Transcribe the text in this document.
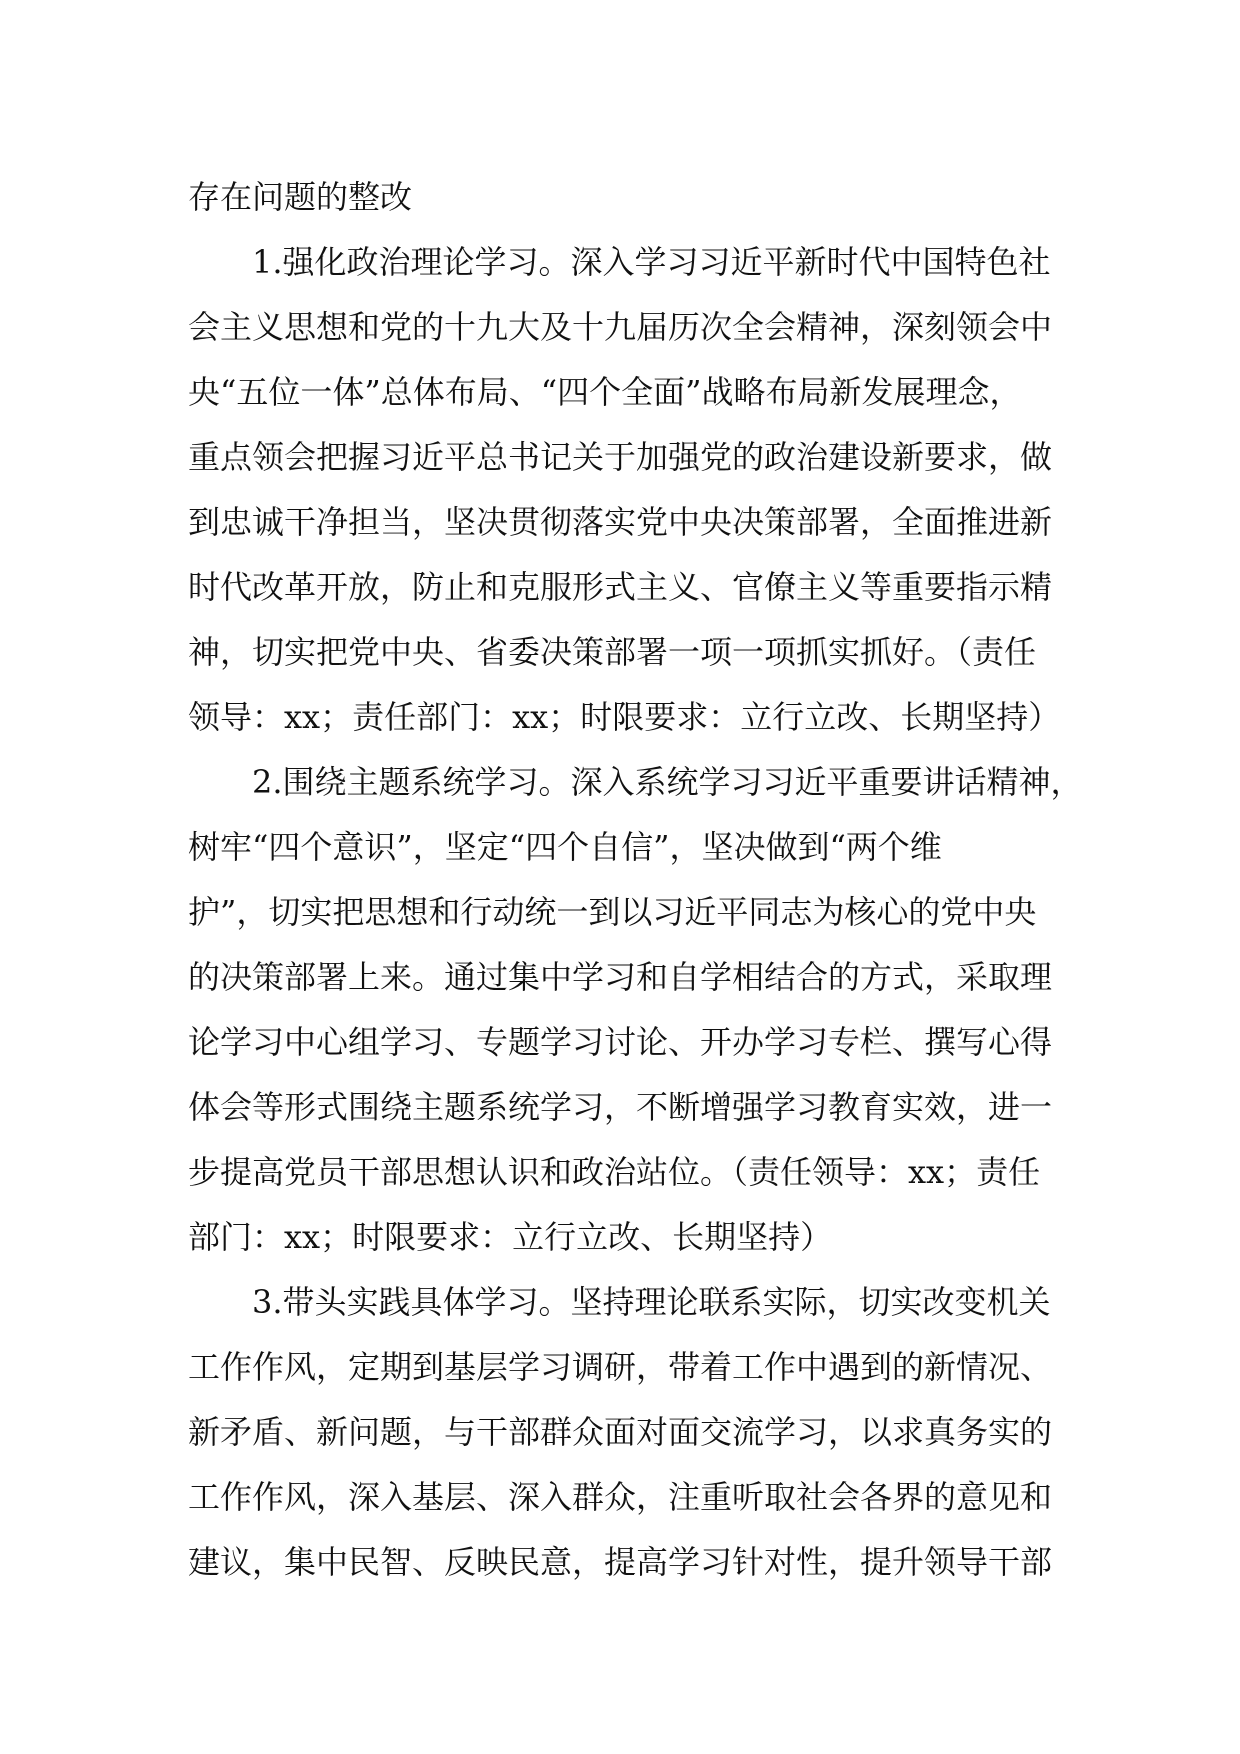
存在问题的整改
1.强化政治理论学习。深入学习习近平新时代中国特色社
会主义思想和党的十九大及十九届历次全会精神，深刻领会中
央“五位一体”总体布局、“四个全面”战略布局新发展理念，
重点领会把握习近平总书记关于加强党的政治建设新要求，做
到忠诚干净担当，坚决贯彻落实党中央决策部署，全面推进新
时代改革开放，防止和克服形式主义、官僚主义等重要指示精
神，切实把党中央、省委决策部署一项一项抓实抓好。（责任
领导：xx；责任部门：xx；时限要求：立行立改、长期坚持）
2.围绕主题系统学习。深入系统学习习近平重要讲话精神，
树牢“四个意识”，坚定“四个自信”，坚决做到“两个维
护”，切实把思想和行动统一到以习近平同志为核心的党中央
的决策部署上来。通过集中学习和自学相结合的方式，采取理
论学习中心组学习、专题学习讨论、开办学习专栏、撰写心得
体会等形式围绕主题系统学习，不断增强学习教育实效，进一
步提高党员干部思想认识和政治站位。（责任领导：xx；责任
部门：xx；时限要求：立行立改、长期坚持）
3.带头实践具体学习。坚持理论联系实际，切实改变机关
工作作风，定期到基层学习调研，带着工作中遇到的新情况、
新矛盾、新问题，与干部群众面对面交流学习，以求真务实的
工作作风，深入基层、深入群众，注重听取社会各界的意见和
建议，集中民智、反映民意，提高学习针对性，提升领导干部
